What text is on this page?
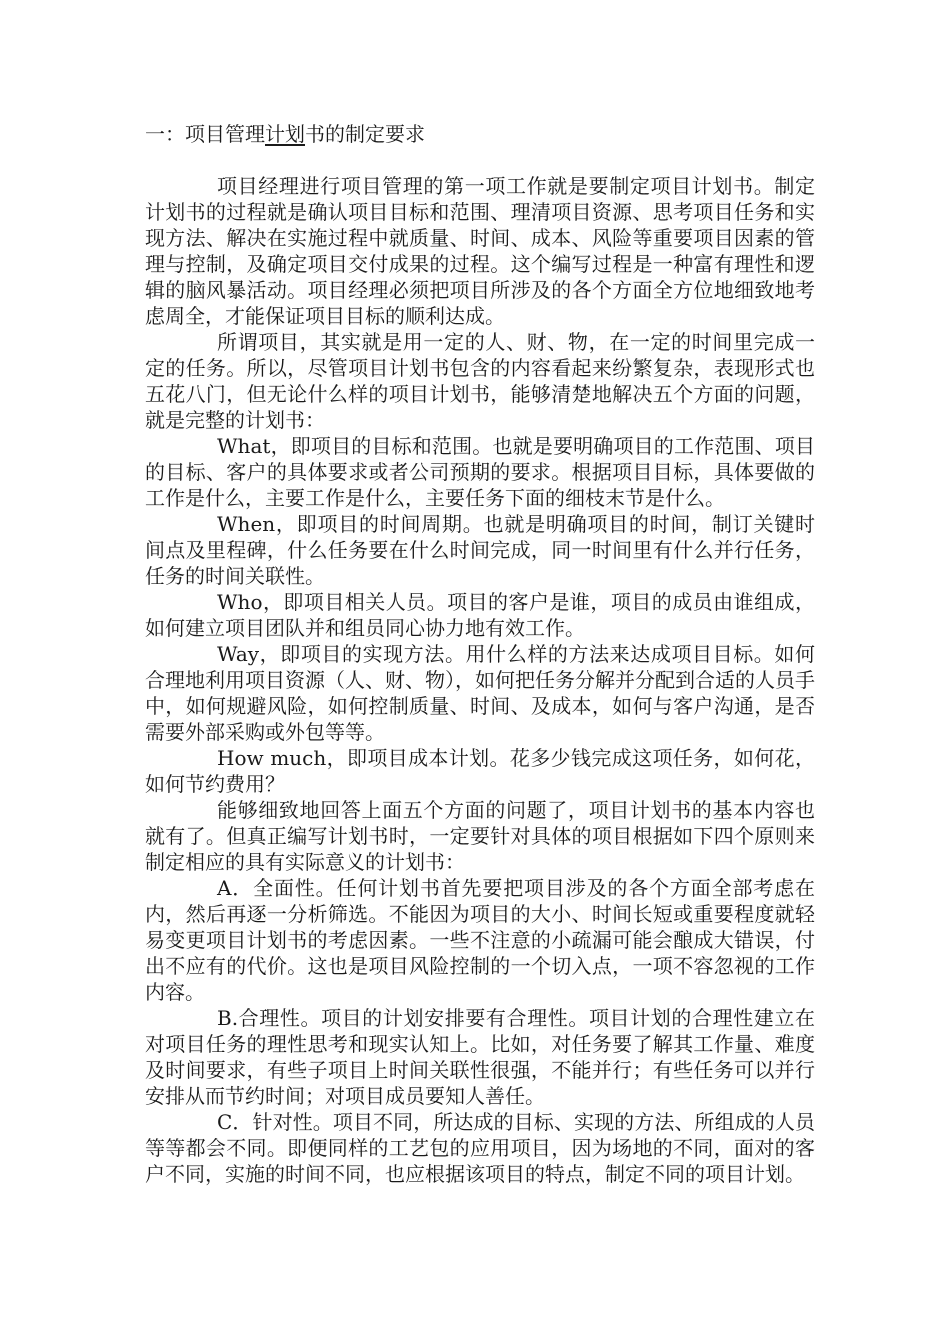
一：项目管理计划书的制定要求

项目经理进行项目管理的第一项工作就是要制定项目计划书。制定计划书的过程就是确认项目目标和范围、理清项目资源、思考项目任务和实现方法、解决在实施过程中就质量、时间、成本、风险等重要项目因素的管理与控制，及确定项目交付成果的过程。这个编写过程是一种富有理性和逻辑的脑风暴活动。项目经理必须把项目所涉及的各个方面全方位地细致地考虑周全，才能保证项目目标的顺利达成。

所谓项目，其实就是用一定的人、财、物，在一定的时间里完成一定的任务。所以，尽管项目计划书包含的内容看起来纷繁复杂，表现形式也五花八门，但无论什么样的项目计划书，能够清楚地解决五个方面的问题，就是完整的计划书：

What，即项目的目标和范围。也就是要明确项目的工作范围、项目的目标、客户的具体要求或者公司预期的要求。根据项目目标，具体要做的工作是什么，主要工作是什么，主要任务下面的细枝末节是什么。

When，即项目的时间周期。也就是明确项目的时间，制订关键时间点及里程碑，什么任务要在什么时间完成，同一时间里有什么并行任务，任务的时间关联性。

Who，即项目相关人员。项目的客户是谁，项目的成员由谁组成，如何建立项目团队并和组员同心协力地有效工作。

Way，即项目的实现方法。用什么样的方法来达成项目目标。如何合理地利用项目资源（人、财、物），如何把任务分解并分配到合适的人员手中，如何规避风险，如何控制质量、时间、及成本，如何与客户沟通，是否需要外部采购或外包等等。

How much，即项目成本计划。花多少钱完成这项任务，如何花，如何节约费用？

能够细致地回答上面五个方面的问题了，项目计划书的基本内容也就有了。但真正编写计划书时，一定要针对具体的项目根据如下四个原则来制定相应的具有实际意义的计划书：

A．全面性。任何计划书首先要把项目涉及的各个方面全部考虑在内，然后再逐一分析筛选。不能因为项目的大小、时间长短或重要程度就轻易变更项目计划书的考虑因素。一些不注意的小疏漏可能会酿成大错误，付出不应有的代价。这也是项目风险控制的一个切入点，一项不容忽视的工作内容。

B.合理性。项目的计划安排要有合理性。项目计划的合理性建立在对项目任务的理性思考和现实认知上。比如，对任务要了解其工作量、难度及时间要求，有些子项目上时间关联性很强，不能并行；有些任务可以并行安排从而节约时间；对项目成员要知人善任。

C．针对性。项目不同，所达成的目标、实现的方法、所组成的人员等等都会不同。即便同样的工艺包的应用项目，因为场地的不同，面对的客户不同，实施的时间不同，也应根据该项目的特点，制定不同的项目计划。
